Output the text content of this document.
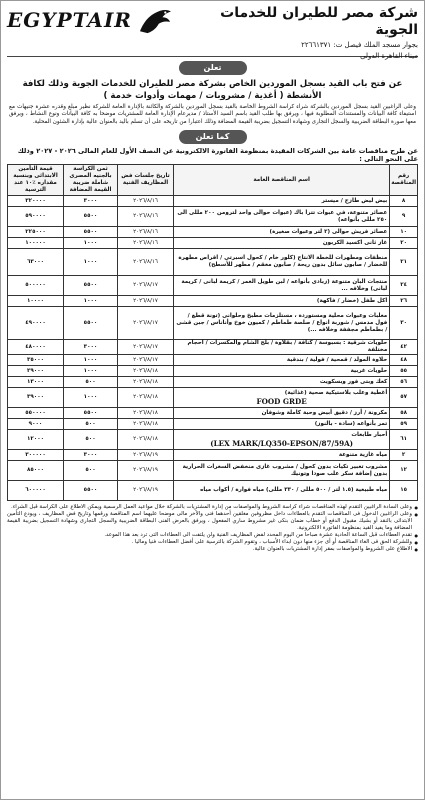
شركة مصر للطيران للخدمات الجوية
بجوار مسجد الملك فيصل ت: ٢٢٦٦١٣٧١
ميناء القاهرة الدولى
EGYPTAIR
تعلن
عن فتح باب القيد بسجل الموردين الخاص بشركة مصر للطيران للخدمات الجوية وذلك لكافة الأنشطة ( أغذية / مشروبات / مهمات وأدوات خدمة )

وعلى الراغبين القيد بسجل الموردين بالشركة شراء كراسة الشروط الخاصة بالقيد بسجل الموردين بالشركة والكائنة بالإدارة العامة للشركة نظير مبلغ وقدره عشرة جنيهات مع استيفاء كافة البيانات والمستندات المطلوبة فيها ، ويرفق بها طلب القيد باسم السيد الأستاذ / مديرعام الإدارة العامة للمشتريات موضحا به كافة البيانات ونوع النشاط ، ويرفق معها صورة البطاقة الضريبية والسجل التجارى وشهادة التسجيل بضريبة القيمة المضافة وذلك اعتبارا من تاريخه على أن تسلم باليد بالعنوان عالية بإدارة الشئون المحلية.

كما تعلن
عن طرح مناقصات عامة بين الشركات المقيدة بمنظومة الفاتورة الالكترونية عن النصف الأول للعام المالى ٢٠٢٦ - ٢٠٢٧ وذلك على النحو التالى :
رقم المناقصة	اسم المناقصة العامة	تاريخ جلسات فض المظاريف الفنية	ثمن الكراسة بالجنيه المصرى شاملة ضريبة القيمة المضافة	قيمة التأمين الابتدائى وبنسبة مقداره ٪١٠ عند الترسية
٨	بيض ليض طازج / ميستر	٢٠٢٦/٨/١٦	٣٠٠٠	٣٢٠٠٠٠
٩	عصائر متنوعة، في عبوات تترا باك (عبوات حوالى واحد لترومن ٢٠٠ مللى الى ٢٥٠ مللى بأنواعه)	٢٠٢٦/٨/١٦	٥٥٠٠	٥٩٠٠٠٠
١٠	عصائر فريش حوالى (٢ لتر وعبوات صغيرة)	٢٠٢٦/٨/١٦	٥٥٠٠	٢٢٥٠٠٠
٢٠	غاز ثانى اكسيد الكربون	٢٠٢٦/٨/١٦	١٠٠٠	١٠٠٠٠٠
٢١	منظفات ومطهرات للخطة الانتاج (كلور خام / كحول اسبرتى / اقراص مطهرة للخضار / صابون سائل بدون ريحة / صابون معقم / مطهر للأسطح)	٢٠٢٦/٨/١٦	١٠٠٠	٦٣٠٠٠
٢٤	منتجات البان متنوعة (زبادى بأنواعه / لبن طويل العمر / كريمة لبانى / كريمة لبانى) وخلافه ...	٢٠٢٦/٨/١٧	٥٥٠٠	٥٠٠٠٠٠
٢٦	اكل طفل (خضار / فاكهة)	٢٠٢٦/٨/١٧	١٠٠٠	١٠٠٠٠
٣٠	معلبات وعبوات محلية ومستوردة ، مستلزمات مطبخ وحلوانى (تونة قطع / فول مدمس / شوربة انواع / صلصة طماطم / كميون خوخ وأناناس / جبن قشى / بطماطم مجففة وخلافه ...)	٢٠٢٦/٨/١٧	٥٥٠٠	٤٩٠٠٠٠
٤٢	حلويات شرقية : بسبوسة / كنافة / بقلاوة / بلح الشام والمكسرات / احجام مختلفة	٢٠٢٦/٨/١٧	٣٠٠٠	٤٨٠٠٠٠
٤٨	حلاوة المولد / قمحية / فولية / بندقية	٢٠٢٦/٨/١٧	١٠٠٠	٣٥٠٠٠
٥٥	حلويات غربية	٢٠٢٦/٨/١٨	١٠٠٠	٢٩٠٠٠
٥٦	كعك وبتى فور وبسكويت	٢٠٢٦/٨/١٨	٥٠٠	١٣٠٠٠
٥٧	أغطية وعلب بلاستيكية صحية (غذائية)
FOOD GRDE	٢٠٢٦/٨/١٨	١٠٠٠	٣٩٠٠٠
٥٨	مكرونة / أرز / دقيق أبيض وحبة كاملة وشوفان	٢٠٢٦/٨/١٨	٥٥٠٠	٥٥٠٠٠٠
٥٩	تمر بأنواعه (سادة - بالنوز)	٢٠٢٦/٨/١٨	٥٠٠	٩٠٠٠
٦١	أحبار طابعات
(LEX MARK/LQ350-EPSON/87/59A)	٢٠٢٦/٨/١٨	٥٠٠	١٢٠٠٠
٢	مياه غازية متنوعة	٢٠٢٦/٨/١٩	٣٠٠٠	٣٠٠٠٠٠
١٢	مشروب تعبير تكيات بدون كحول / مشروب غازى منخفض السعرات الحرارية بدون إضافة سكر علب صودا وتونيك	٢٠٢٦/٨/١٩	٥٠٠	٨٥٠٠٠
١٥	مياه طبيعية (١.٥ لتر / ٥٠٠ مللى / ٣٣٠ مللى) مياه فوارة / أكواب مياه	٢٠٢٦/٨/١٩	٥٥٠٠	٦٠٠٠٠٠
● وعلى السادة الراغبين التقدم لهذه المناقصات شراء كراسة الشروط والمواصفات من إدارة المشتريات بالشركة خلال مواعيد العمل الرسمية ويمكن الاطلاع على الكراسة قبل الشراء.
● وعلى الراغبين الدخول فى المناقصات التقدم بالعطاءات داخل مظروفين مغلقين أحدهما فنى والآخر مالى موضحا عليهما اسم المناقصة ورقمها وتاريخ فض المظاريف ، ويودع التأمين الابتدائى بالنقد أو بشيك مقبول الدفع أو خطاب ضمان بنكى غير مشروط ساري المفعول ، ويرفق بالعرض الفنى البطاقة الضريبية والسجل التجارى وشهادة التسجيل بضريبة القيمة المضافة وما يفيد القيد بمنظومة الفاتورة الالكترونية.
● تقدم العطاءات قبل الساعة الحادية عشرة صباحا من اليوم المحدد لفض المظاريف الفنية ولن يلتفت الى العطاءات التى ترد بعد هذا الموعد.
● وللشركة الحق فى الغاء المناقصة أو أى جزء منها دون ابداء الأسباب ، وتقوم الشركة بالترسية على أفضل العطاءات فنيا وماليا .
● الاطلاع على الشروط والمواصفات بمقر إدارة المشتريات بالعنوان عالية.
